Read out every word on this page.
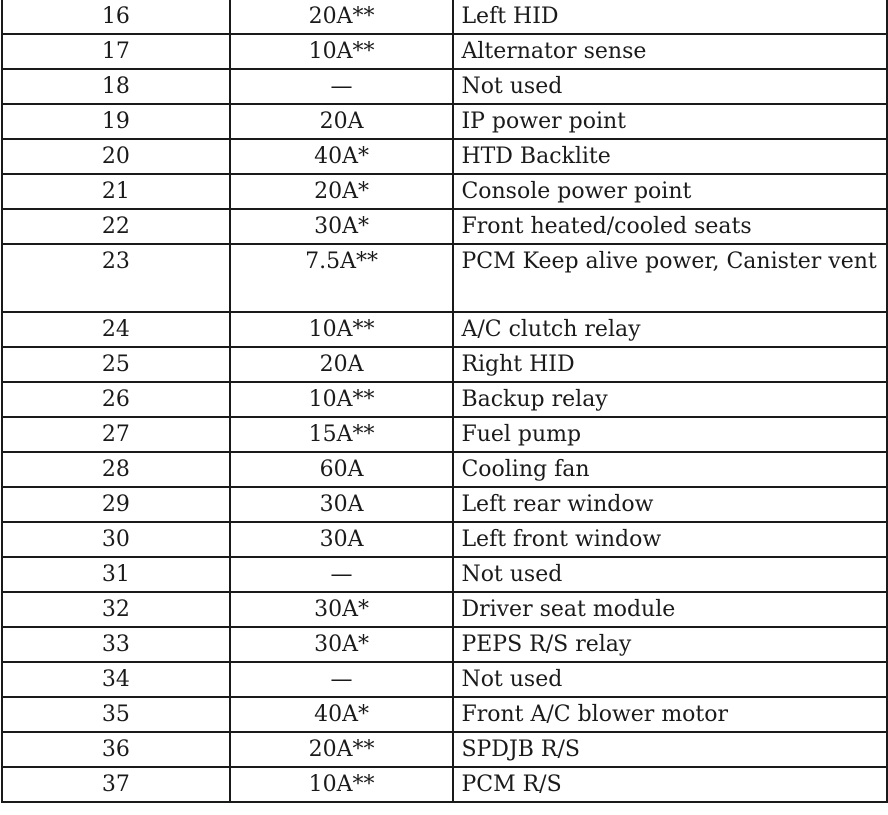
16	20A**	Left HID
17	10A**	Alternator sense
18	—	Not used
19	20A	IP power point
20	40A*	HTD Backlite
21	20A*	Console power point
22	30A*	Front heated/cooled seats
23	7.5A**	PCM Keep alive power, Canister vent

24	10A**	A/C clutch relay
25	20A	Right HID
26	10A**	Backup relay
27	15A**	Fuel pump
28	60A	Cooling fan
29	30A	Left rear window
30	30A	Left front window
31	—	Not used
32	30A*	Driver seat module
33	30A*	PEPS R/S relay
34	—	Not used
35	40A*	Front A/C blower motor
36	20A**	SPDJB R/S
37	10A**	PCM R/S
